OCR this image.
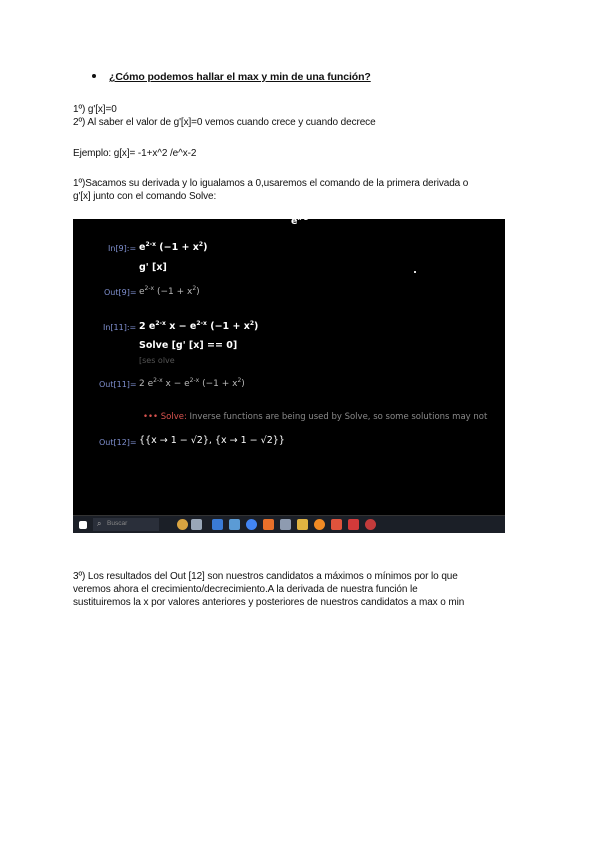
¿Cómo podemos hallar el max y min de una función?
1º) g'[x]=0
2º) Al saber el valor de g'[x]=0 vemos cuando crece y cuando decrece
Ejemplo: g[x]= -1+x^2 /e^x-2
1º)Sacamos su derivada y lo igualamos a 0,usaremos el comando de la primera derivada o
g'[x] junto con el comando Solve:
$e^{x-2}$
In[9]:= $e^{2-x}$ $(-1 + x^2)$
g' [x]
$Out[9]= e^{2-x}$ $(-1 + x^2)$
In[11]:= 2 $e^{2-x}$ $x - e^{2-x}$ $(-1 + x^2)$
Solve [g' [x] == 0]
[ses olve
Out[11]= 2 $e^{2-x}$ $x - e^{2-x}$ $(-1 + x^2)$
••• Solve: Inverse functions are being used by Solve, so some solutions may not
Out[12]= {{x → 1 − √2}, {x → 1 − √2}}
⌕ Buscar
3º) Los resultados del Out [12] son nuestros candidatos a máximos o mínimos por lo que
veremos ahora el crecimiento/decrecimiento.A la derivada de nuestra función le
sustituiremos la x por valores anteriores y posteriores de nuestros candidatos a max o min
